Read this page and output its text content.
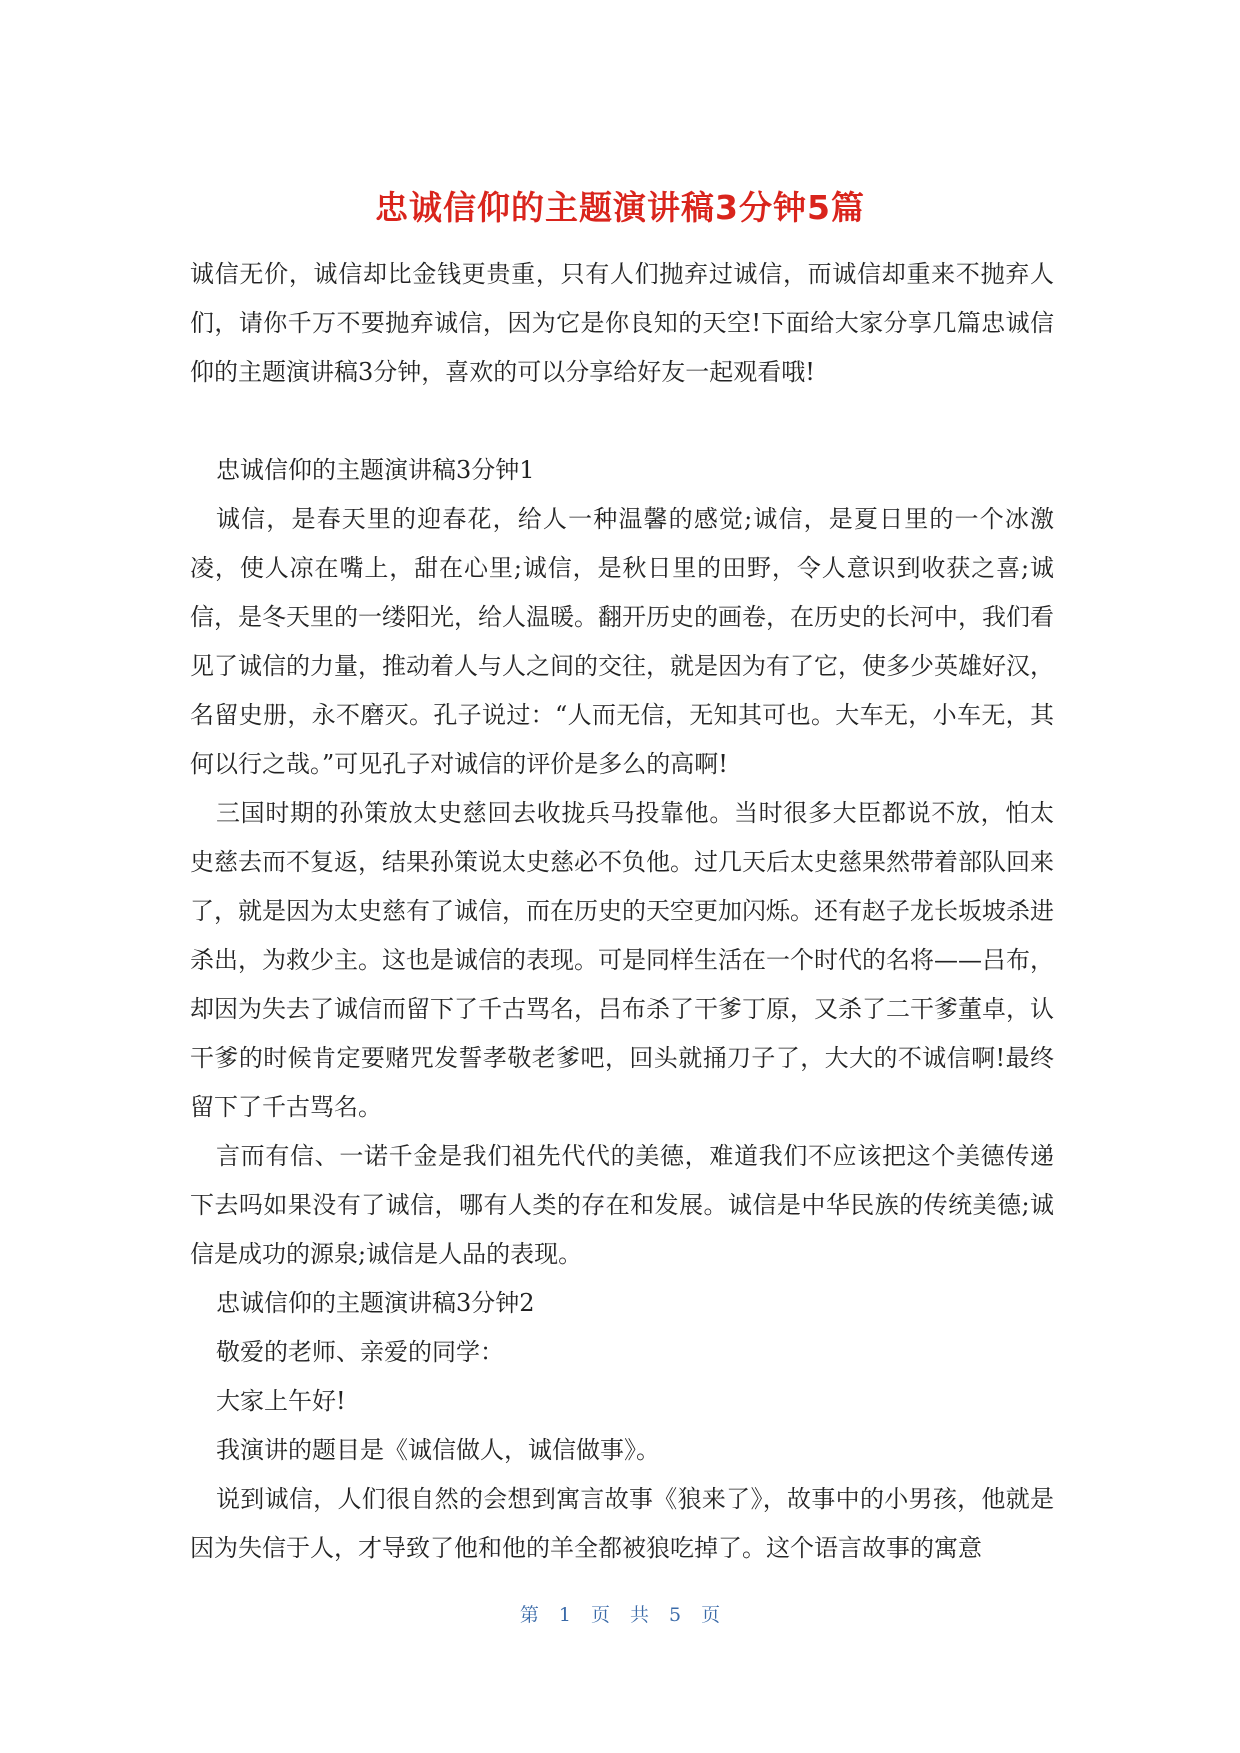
忠诚信仰的主题演讲稿3分钟5篇

诚信无价，诚信却比金钱更贵重，只有人们抛弃过诚信，而诚信却重来不抛弃人们，请你千万不要抛弃诚信，因为它是你良知的天空!下面给大家分享几篇忠诚信仰的主题演讲稿3分钟，喜欢的可以分享给好友一起观看哦!

忠诚信仰的主题演讲稿3分钟1

诚信，是春天里的迎春花，给人一种温馨的感觉;诚信，是夏日里的一个冰激凌，使人凉在嘴上，甜在心里;诚信，是秋日里的田野，令人意识到收获之喜;诚信，是冬天里的一缕阳光，给人温暖。翻开历史的画卷，在历史的长河中，我们看见了诚信的力量，推动着人与人之间的交往，就是因为有了它，使多少英雄好汉，名留史册，永不磨灭。孔子说过：“人而无信，无知其可也。大车无，小车无，其何以行之哉。”可见孔子对诚信的评价是多么的高啊!

三国时期的孙策放太史慈回去收拢兵马投靠他。当时很多大臣都说不放，怕太史慈去而不复返，结果孙策说太史慈必不负他。过几天后太史慈果然带着部队回来了，就是因为太史慈有了诚信，而在历史的天空更加闪烁。还有赵子龙长坂坡杀进杀出，为救少主。这也是诚信的表现。可是同样生活在一个时代的名将——吕布，却因为失去了诚信而留下了千古骂名，吕布杀了干爹丁原，又杀了二干爹董卓，认干爹的时候肯定要赌咒发誓孝敬老爹吧，回头就捅刀子了，大大的不诚信啊!最终留下了千古骂名。

言而有信、一诺千金是我们祖先代代的美德，难道我们不应该把这个美德传递下去吗如果没有了诚信，哪有人类的存在和发展。诚信是中华民族的传统美德;诚信是成功的源泉;诚信是人品的表现。

忠诚信仰的主题演讲稿3分钟2

敬爱的老师、亲爱的同学：

大家上午好!

我演讲的题目是《诚信做人，诚信做事》。

说到诚信，人们很自然的会想到寓言故事《狼来了》，故事中的小男孩，他就是因为失信于人，才导致了他和他的羊全都被狼吃掉了。这个语言故事的寓意

第 1 页 共 5 页
